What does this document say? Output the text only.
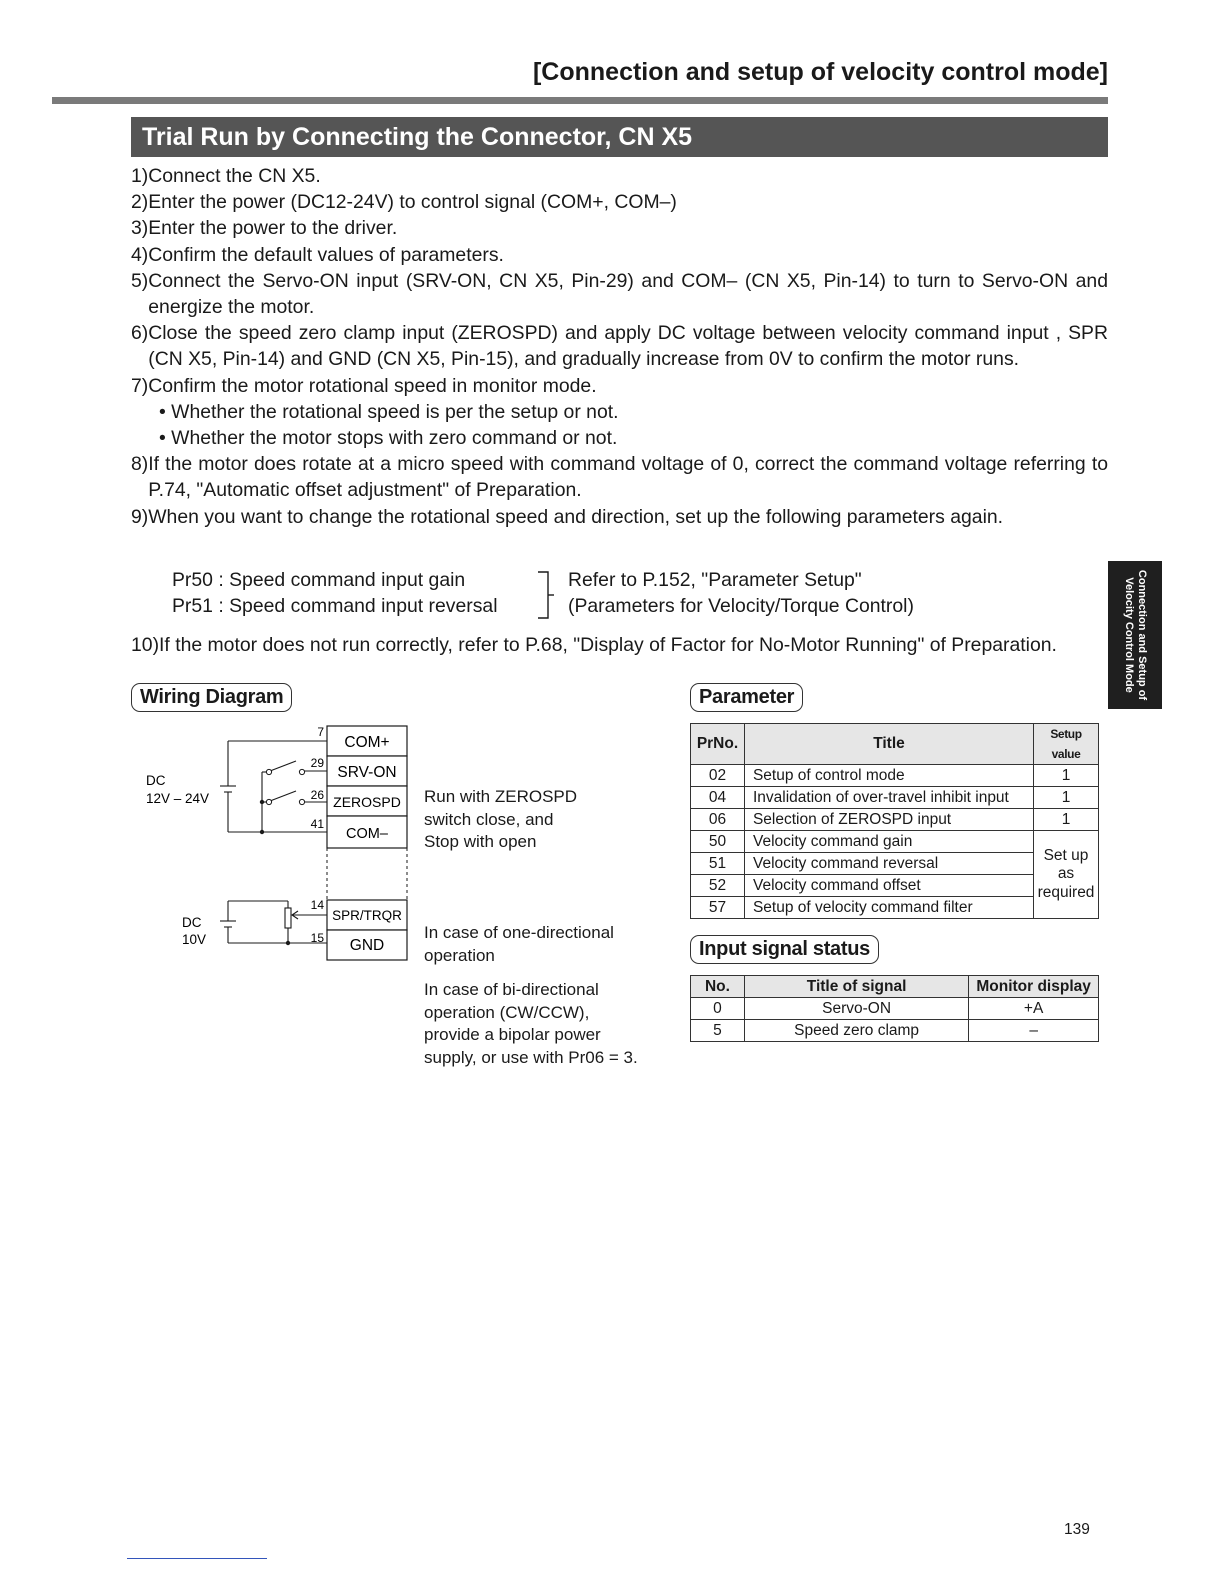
[Connection and setup of velocity control mode]
Trial Run by Connecting the Connector, CN X5
1) Connect the CN X5.
2) Enter the power (DC12-24V) to control signal (COM+, COM–)
3) Enter the power to the driver.
4) Confirm the default values of parameters.
5) Connect the Servo-ON input (SRV-ON, CN X5, Pin-29) and COM– (CN X5, Pin-14) to turn to Servo-ON and energize the motor.
6) Close the speed zero clamp input (ZEROSPD) and apply DC voltage between velocity command input , SPR (CN X5, Pin-14) and GND (CN X5, Pin-15), and gradually increase from 0V to confirm the motor runs.
7) Confirm the motor rotational speed in monitor mode.
• Whether the rotational speed is per the setup or not.
• Whether the motor stops with zero command or not.
8) If the motor does rotate at a micro speed with command voltage of 0, correct the command voltage referring to P.74, "Automatic offset adjustment" of Preparation.
9) When you want to change the rotational speed and direction, set up the following parameters again.
Pr50 : Speed command input gain
Pr51 : Speed command input reversal
Refer to P.152, "Parameter Setup"
(Parameters for Velocity/Torque Control)
10)If the motor does not run correctly, refer to P.68, "Display of Factor for No-Motor Running" of Preparation.	Connection and Setup of
Velocity Control Mode
Wiring Diagram
COM+
SRV-ON
ZEROSPD
COM–
SPR/TRQR
GND
7
29
26
41
14
15
DC
12V – 24V
DC
10V
Run with ZEROSPD
switch close, and
Stop with open
In case of one-directional
operation
In case of bi-directional
operation (CW/CCW),
provide a bipolar power
supply, or use with Pr06 = 3.
Parameter
PrNo.	Title	Setup value
02	Setup of control mode	1
04	Invalidation of over-travel inhibit input	1
06	Selection of ZEROSPD input	1
50	Velocity command gain	Set up
as
required

51	Velocity command reversal	
52	Velocity command offset	
57	Setup of velocity command filter	
Input signal status
No.	Title of signal	Monitor display
0	Servo-ON	+A
5	Speed zero clamp	–
139
